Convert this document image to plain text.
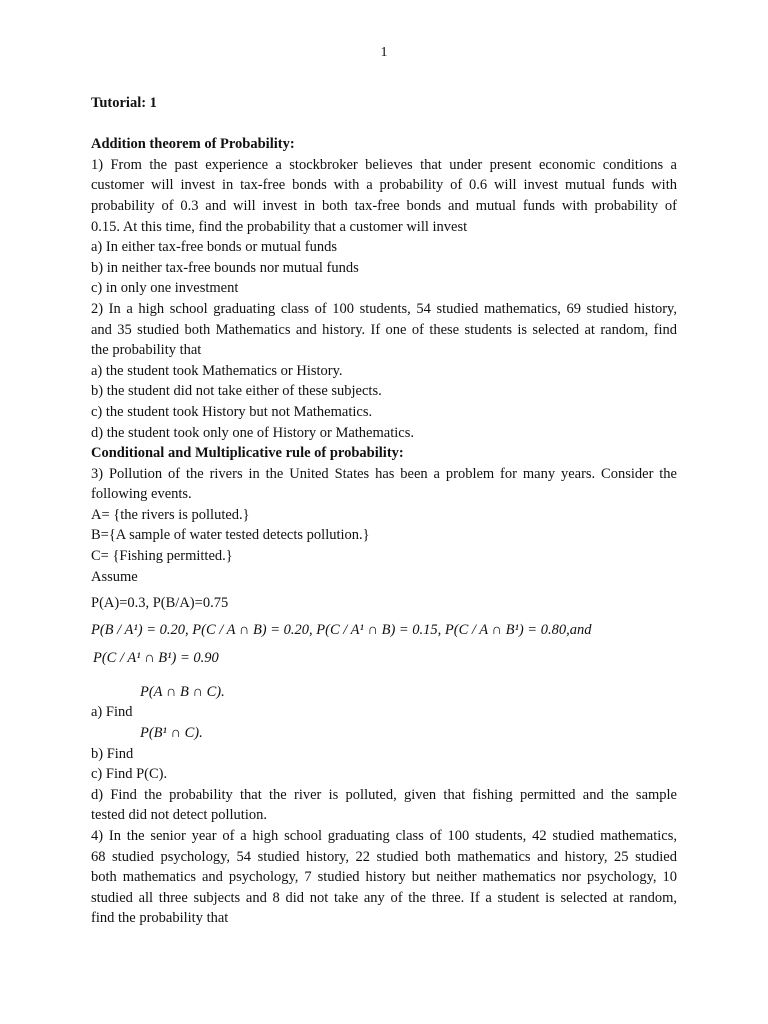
1
Tutorial: 1
Addition theorem of Probability:
1) From the past experience a stockbroker believes that under present economic conditions a
customer will invest in tax-free bonds with a probability of 0.6 will invest mutual funds with
probability of 0.3 and will invest in both tax-free bonds and mutual funds with probability of
0.15. At this time, find the probability that a customer will invest
a) In either tax-free bonds or mutual funds
b) in neither tax-free bounds nor mutual funds
c) in only one investment
2) In a high school graduating class of 100 students, 54 studied mathematics, 69 studied history,
and 35 studied both Mathematics and history. If one of these students is selected at random, find
the probability that
a) the student took Mathematics or History.
b) the student did not take either of these subjects.
c) the student took History but not Mathematics.
d) the student took only one of History or Mathematics.
Conditional and Multiplicative rule of probability:
3) Pollution of the rivers in the United States has been a problem for many years. Consider the
following events.
A= {the rivers is polluted.}
B={A sample of water tested detects pollution.}
C= {Fishing permitted.}
Assume
P(A)=0.3, P(B/A)=0.75
P(B / A¹) = 0.20, P(C / A ∩ B) = 0.20, P(C / A¹ ∩ B) = 0.15, P(C / A ∩ B¹) = 0.80,and
P(C / A¹ ∩ B¹) = 0.90
P(A ∩ B ∩ C).
a) Find
P(B¹ ∩ C).
b) Find
c) Find P(C).
d) Find the probability that the river is polluted, given that fishing permitted and the sample
tested did not detect pollution.
4) In the senior year of a high school graduating class of 100 students, 42 studied mathematics,
68 studied psychology, 54 studied history, 22 studied both mathematics and history, 25 studied
both mathematics and psychology, 7 studied history but neither mathematics nor psychology, 10
studied all three subjects and 8 did not take any of the three. If a student is selected at random,
find the probability that
